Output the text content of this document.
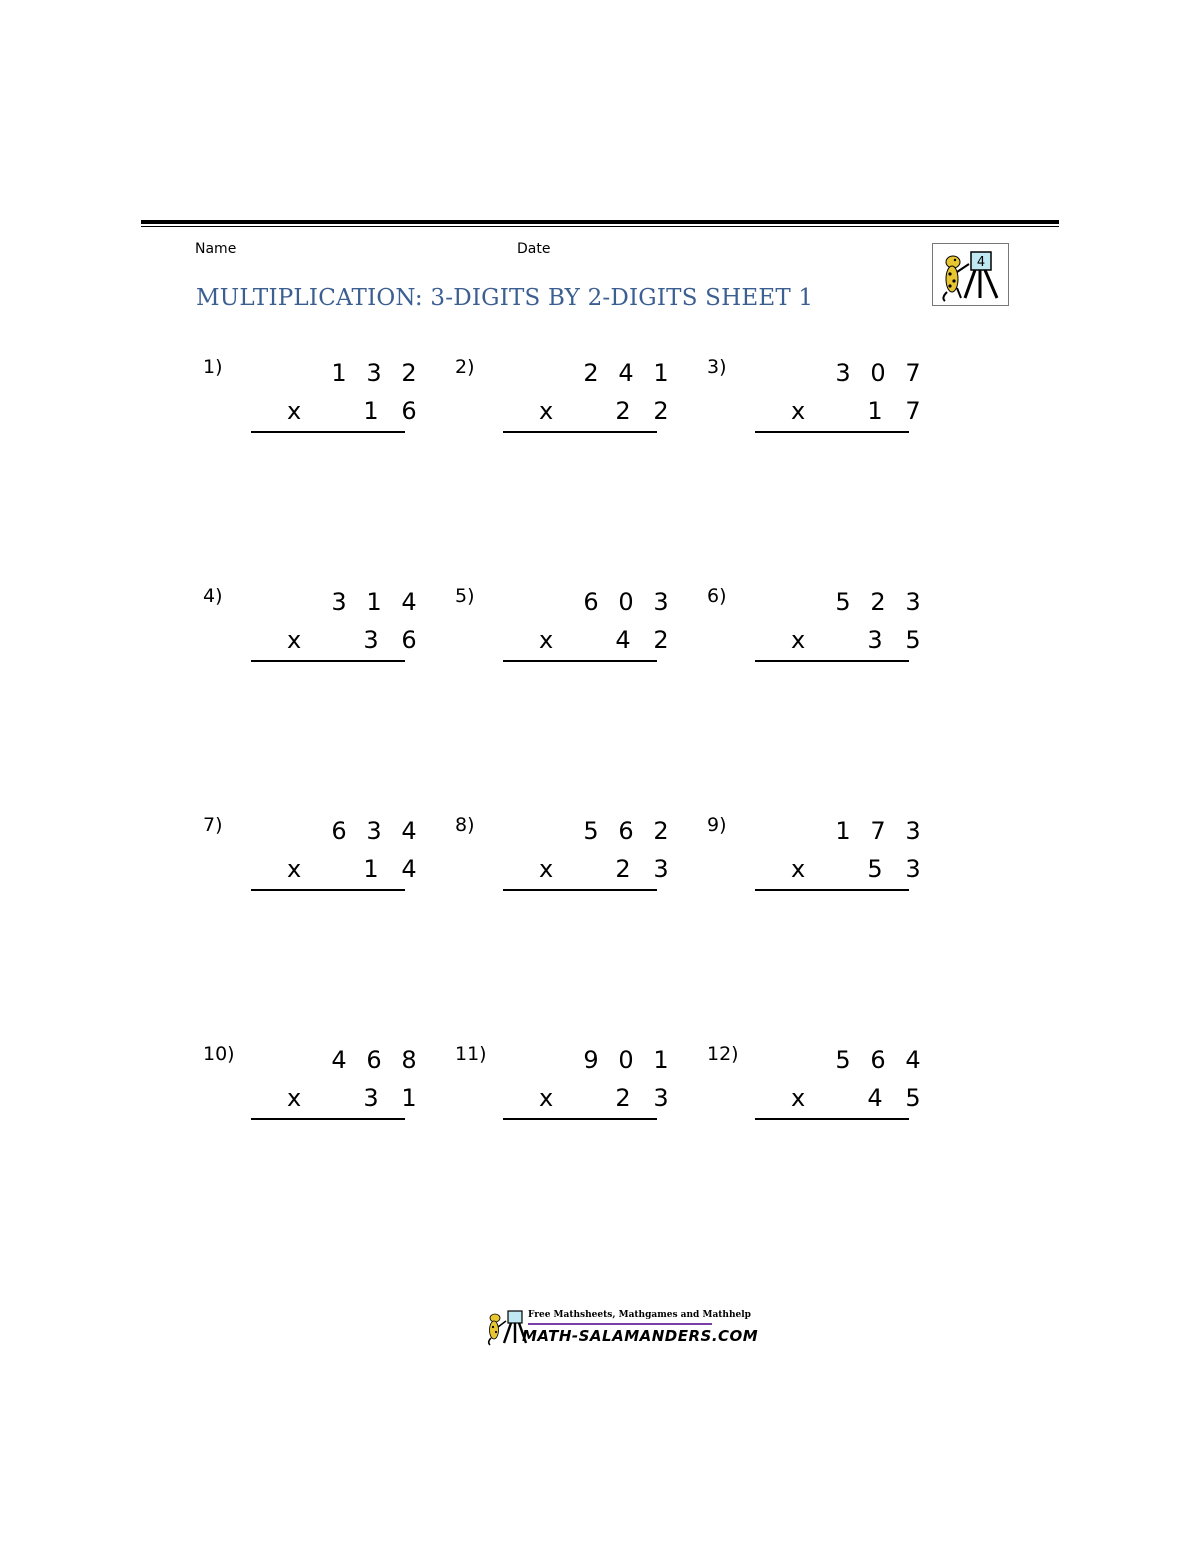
Name	Date
MULTIPLICATION: 3-DIGITS BY 2-DIGITS SHEET 1
4
1)	1 3 2
x	1 6
2)	2 4 1
x	2 2
3)	3 0 7
x	1 7
4)	3 1 4
x	3 6
5)	6 0 3
x	4 2
6)	5 2 3
x	3 5
7)	6 3 4
x	1 4
8)	5 6 2
x	2 3
9)	1 7 3
x	5 3
10)	4 6 8
x	3 1
11)	9 0 1
x	2 3
12)	5 6 4
x	4 5
Free Mathsheets, Mathgames and Mathhelp
MATH-SALAMANDERS.COM
